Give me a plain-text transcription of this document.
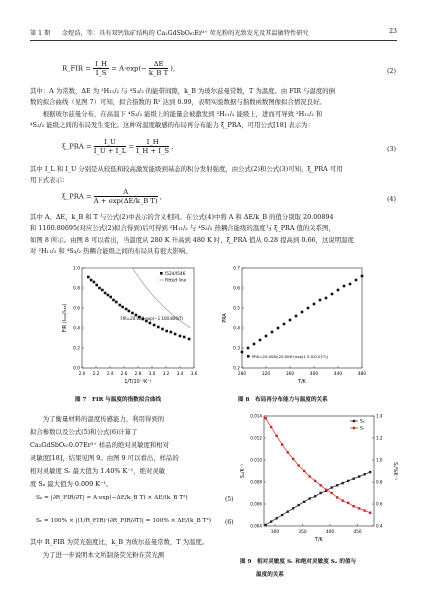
第 1 期 金煜浩，等：具有双钙钛矿结构的 Ca₂GdSbO₆:Er³⁺ 荧光粉的光致发光及其温敏特性研究	23
R_FIR = $\frac{I\_H}{I\_S} = A\cdot\exp(- \frac{\Delta E}{\text{k\_B T}}$ ),	(2)
其中：A 为常数，ΔE 为 ²H₁₁/₂ 与 ⁴S₃/₂ 的能带间隙，k_B 为玻尔兹曼常数，T 为温度。由 FIR 与温度的倒
数的拟合曲线（见图 7）可知，拟合指数的 R² 达到 0.99，表明实验数据与指数函数图像拟合情况良好。
　　根据玻尔兹曼分布，在高温下 ⁴S₃/₂ 能级上的能量会被激发到 ²H₁₁/₂ 能级上，进而可导致 ²H₁₁/₂ 和
⁴S₃/₂ 能级之间的布局发生变化。这种对温度敏感的布局再分布能力 ξ_PRA，可用公式[18] 表示为：
ξ_PRA = $\frac{I\_U}{I\_U + I\_L} = \frac{I\_H}{I\_H + I\_S}$ ,	(3)
其中 I_L 和 I_U 分别是从较低和较高激发能级到基态的积分发射强度，由公式(2)和公式(3)可知，ξ_PRA 可用
用下式表示：
ξ_PRA = $\frac{A}{\text{A + exp(ΔE/k\_B T)}}$ ,	(4)
其中 A、ΔE、k_B 和 T 与公式(2)中表示的含义相同。在公式(4)中将 A 和 ΔE/k_B 的值分别取 20.00894
和 1100.80695(对应公式(2)拟合得到)后可得到 ²H₁₁/₂ 与 ⁴S₃/₂ 热耦合能级的温度与 ξ_PRA 值的关系图，
如图 8 所示。由图 8 可以看出，当温度从 280 K 升高到 480 K 时，ξ_PRA 值从 0.28 提高到 0.66，这说明温度
对 ²H₁₁/₂ 和 ⁴S₃/₂ 热耦合能级之间的布局具有很大影响。
2.0 2.2 2.4 2.6 2.8 3.0 3.2 3.4 3.6
0.0
0.2
0.4
0.6
0.8
1.0
I524/I546
Fitted line
FIR=20.008·exp(−1 100.806/T)
1/T/10⁻³K⁻¹
FIR (I₅₂₄/I₅₄₆)
图 7　FIR 与温度的指数拟合曲线
280	320	360	400	440	480
0.2
0.3
0.4
0.5
0.6
0.7
PRA=20.008/(20.008+exp(1 5.0/0.01T))
T/K
PRA
图 8　布局再分布能力与温度的关系
　　为了衡量材料的温度传感能力，利用得到的
拟合参数以及公式(5)和公式(6)计算了
Ca₂GdSbO₆:0.07Er³⁺ 样品的绝对灵敏度和相对
灵敏度[18]，结果见图 9。由图 9 可以看出，样品的
相对灵敏度 Sᵣ 最大值为 1.40% K⁻¹，绝对灵敏
度 Sₐ 最大值为 0.009 K⁻¹。
Sₐ = |∂R_FIR/∂T| ≈ A·exp(−ΔE/k_B T) × ΔE/(k_B T²)	(5)
Sᵣ = 100% × |(1/R_FIR)·(∂R_FIR/∂T)| = 100% × ΔE/(k_B T²) (6)
其中 R_FIR 为荧光强度比，k_B 为玻尔兹曼常数，T 为温度。
　　为了进一步说明本文所制备荧光粉在荧光测
300	350	400	450
0.004
0.006
0.008
0.010
0.012
0.014
0.4
0.6
0.8
1.0
1.2
1.4
Sₐ
Sᵣ
T/K
Sₐ/K⁻¹	Sᵣ/%K⁻¹
图 9　相对灵敏度 Sᵣ 和绝对灵敏度 Sₐ 的值与
温度的关系
